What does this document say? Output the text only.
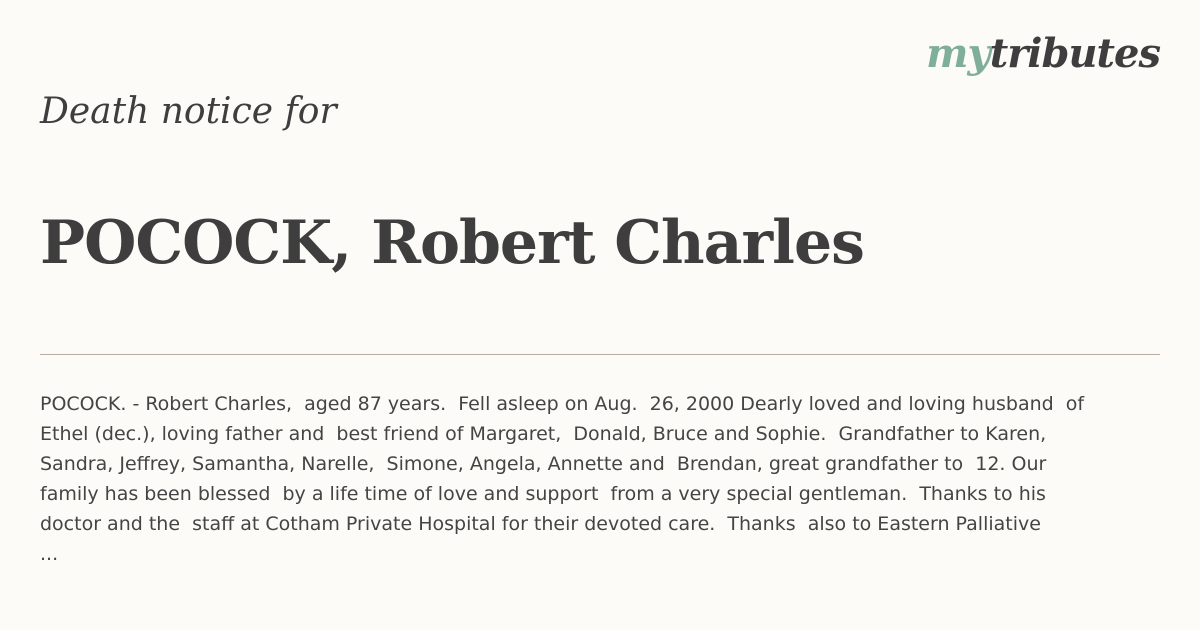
mytributes
Death notice for
POCOCK, Robert Charles

POCOCK. - Robert Charles,  aged 87 years.  Fell asleep on Aug.  26, 2000 Dearly loved and loving husband  of
Ethel (dec.), loving father and  best friend of Margaret,  Donald, Bruce and Sophie.  Grandfather to Karen,
Sandra, Jeffrey, Samantha, Narelle,  Simone, Angela, Annette and  Brendan, great grandfather to  12. Our
family has been blessed  by a life time of love and support  from a very special gentleman.  Thanks to his
doctor and the  staff at Cotham Private Hospital for their devoted care.  Thanks  also to Eastern Palliative
...
